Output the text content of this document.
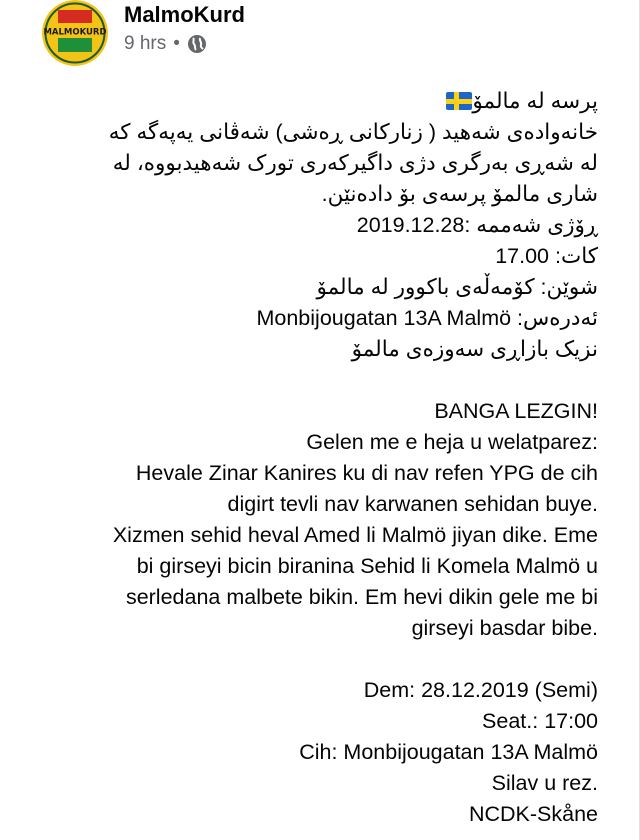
MALMOKURD
MalmoKurd
9 hrs •
پرسە لە مالمۆ
خانەوادەی شەهید ( زنارکانی ڕەشی) شەڤانی یەپەگە کە
لە شەڕی بەرگری دژی داگیرکەری تورک شەهیدبووە، لە
شاری مالمۆ پرسەی بۆ دادەنێن.
ڕۆژی شەممە :2019.12.28
کات: 17.00
شوێن: کۆمەڵەی باکوور لە مالمۆ
ئەدرەس: Monbijougatan 13A Malmö
نزیک بازاڕی سەوزەی مالمۆ
BANGA LEZGIN!
Gelen me e heja u welatparez:
Hevale Zinar Kanires ku di nav refen YPG de cih
digirt tevli nav karwanen sehidan buye.
Xizmen sehid heval Amed li Malmö jiyan dike. Eme
bi girseyi bicin biranina Sehid li Komela Malmö u
serledana malbete bikin. Em hevi dikin gele me bi
girseyi basdar bibe.
Dem : 28.12.2019 (Semi)
Seat. : 17:00
Cih : Monbijougatan 13A Malmö
Silav u rez.
NCDK-Skåne
